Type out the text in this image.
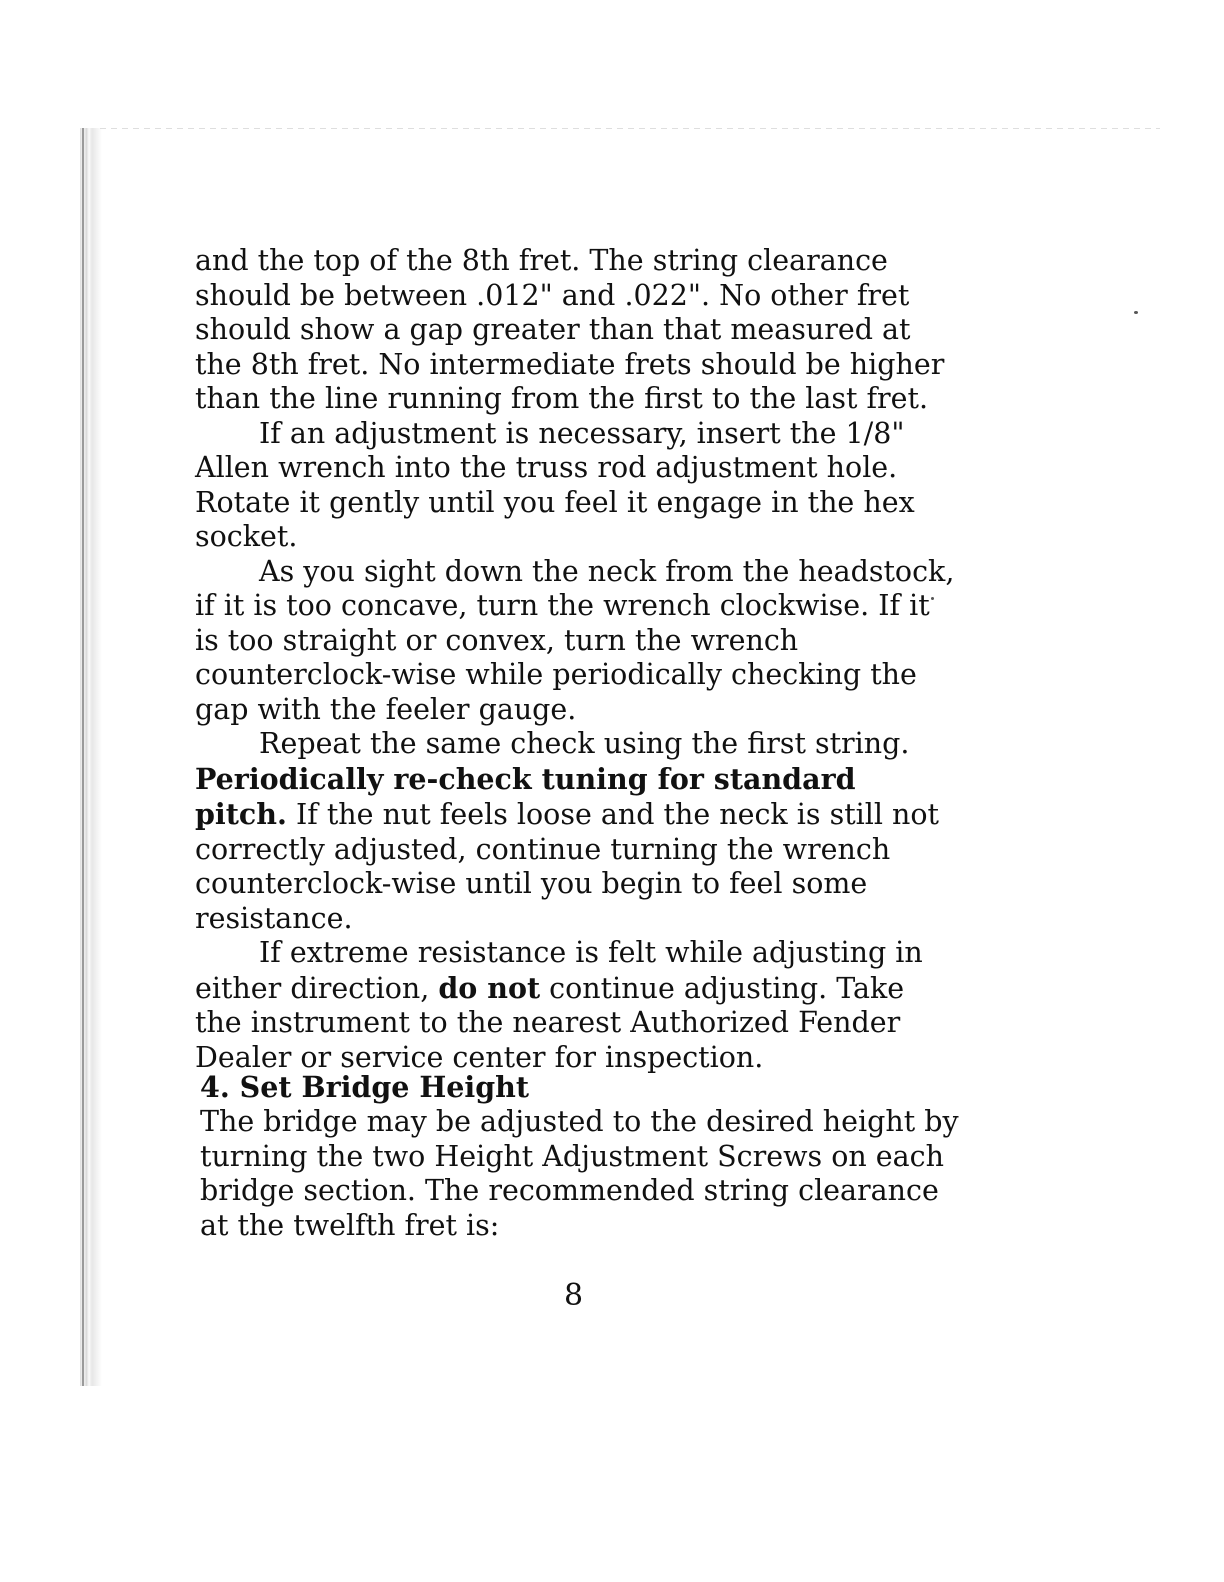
and the top of the 8th fret. The string clearance should be between .012" and .022". No other fret should show a gap greater than that measured at the 8th fret. No intermediate frets should be higher than the line running from the first to the last fret.

If an adjustment is necessary, insert the 1/8" Allen wrench into the truss rod adjustment hole. Rotate it gently until you feel it engage in the hex socket.

As you sight down the neck from the headstock, if it is too concave, turn the wrench clockwise. If it is too straight or convex, turn the wrench counterclock-wise while periodically checking the gap with the feeler gauge.

Repeat the same check using the first string. Periodically re-check tuning for standard pitch. If the nut feels loose and the neck is still not correctly adjusted, continue turning the wrench counterclock-wise until you begin to feel some resistance.

If extreme resistance is felt while adjusting in either direction, do not continue adjusting. Take the instrument to the nearest Authorized Fender Dealer or service center for inspection.

4. Set Bridge Height

The bridge may be adjusted to the desired height by turning the two Height Adjustment Screws on each bridge section. The recommended string clearance at the twelfth fret is:

8
